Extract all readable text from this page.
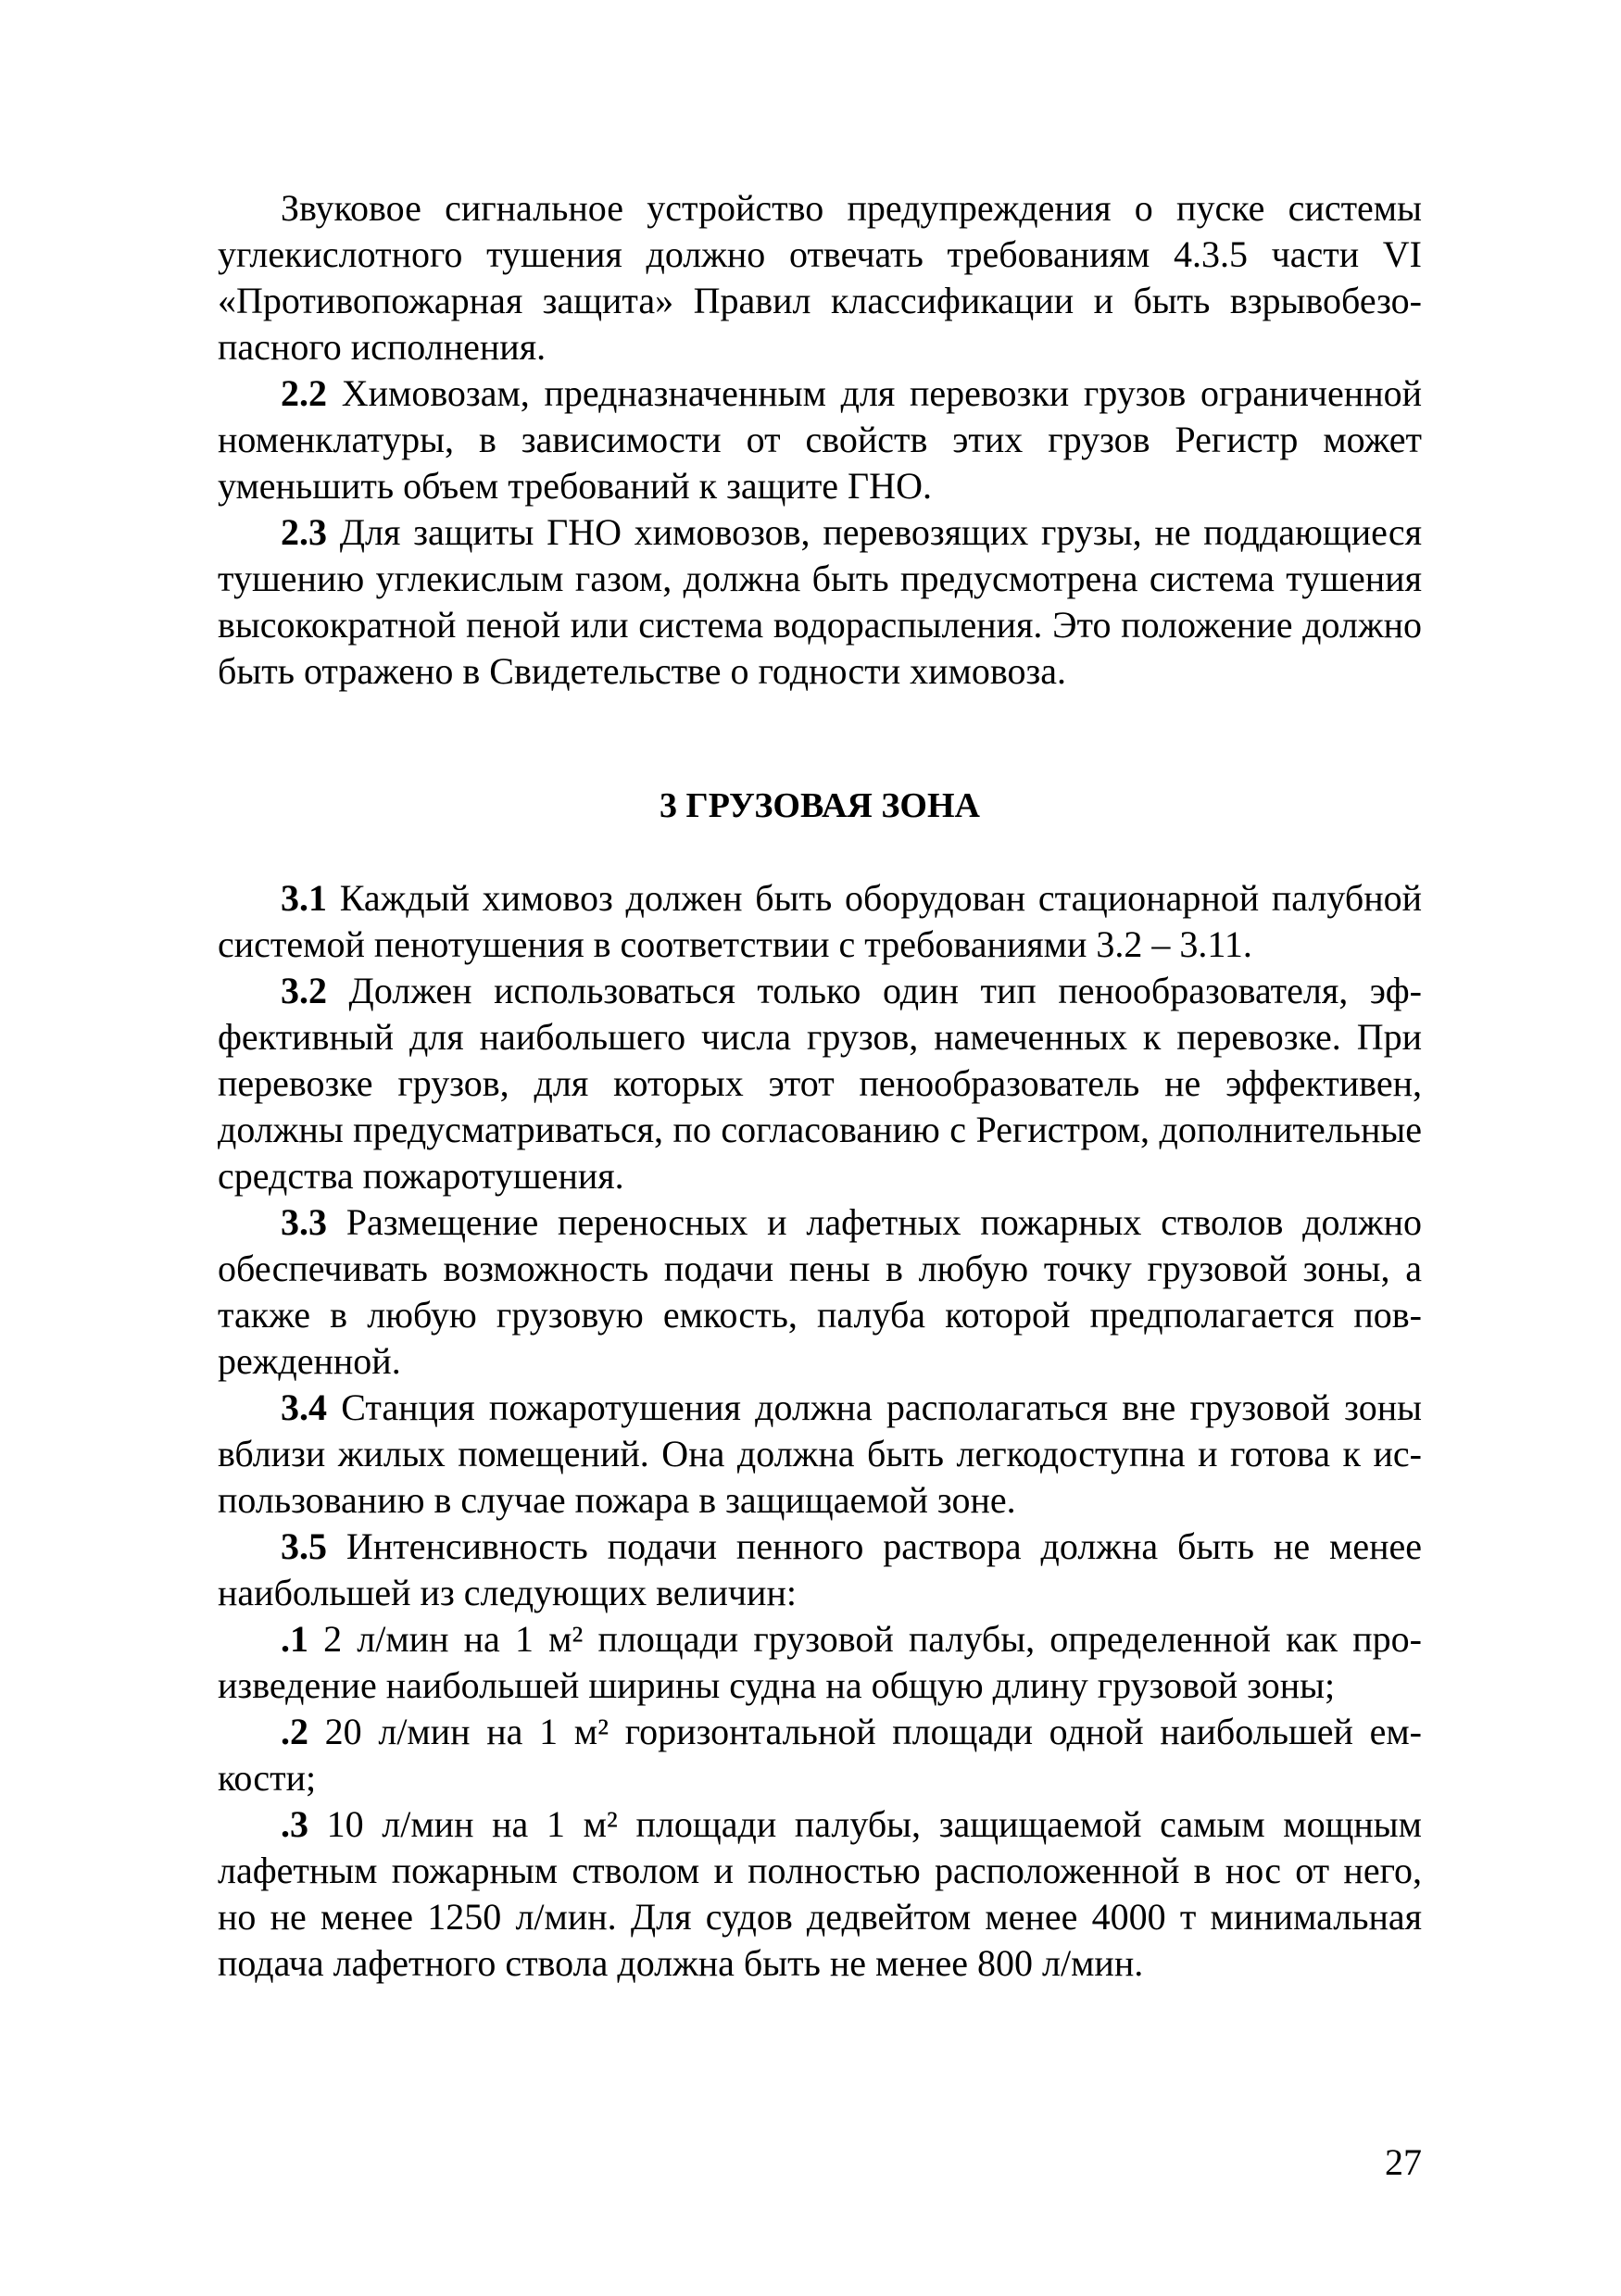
Звуковое сигнальное устройство предупреждения о пуске системы углекислотного тушения должно отвечать требованиям 4.3.5 части VI «Противопожарная защита» Правил классификации и быть взрывобезопасного исполнения.

2.2 Химовозам, предназначенным для перевозки грузов ограниченной номенклатуры, в зависимости от свойств этих грузов Регистр может уменьшить объем требований к защите ГНО.

2.3 Для защиты ГНО химовозов, перевозящих грузы, не поддающиеся тушению углекислым газом, должна быть предусмотрена система тушения высокократной пеной или система водораспыления. Это положение должно быть отражено в Свидетельстве о годности химовоза.

3 ГРУЗОВАЯ ЗОНА

3.1 Каждый химовоз должен быть оборудован стационарной палубной системой пенотушения в соответствии с требованиями 3.2 – 3.11.

3.2 Должен использоваться только один тип пенообразователя, эффективный для наибольшего числа грузов, намеченных к перевозке. При перевозке грузов, для которых этот пенообразователь не эффективен, должны предусматриваться, по согласованию с Регистром, дополнительные средства пожаротушения.

3.3 Размещение переносных и лафетных пожарных стволов должно обеспечивать возможность подачи пены в любую точку грузовой зоны, а также в любую грузовую емкость, палуба которой предполагается поврежденной.

3.4 Станция пожаротушения должна располагаться вне грузовой зоны вблизи жилых помещений. Она должна быть легкодоступна и готова к использованию в случае пожара в защищаемой зоне.

3.5 Интенсивность подачи пенного раствора должна быть не менее наибольшей из следующих величин:

.1 2 л/мин на 1 м² площади грузовой палубы, определенной как произведение наибольшей ширины судна на общую длину грузовой зоны;

.2 20 л/мин на 1 м² горизонтальной площади одной наибольшей емкости;

.3 10 л/мин на 1 м² площади палубы, защищаемой самым мощным лафетным пожарным стволом и полностью расположенной в нос от него, но не менее 1250 л/мин. Для судов дедвейтом менее 4000 т минимальная подача лафетного ствола должна быть не менее 800 л/мин.

27
